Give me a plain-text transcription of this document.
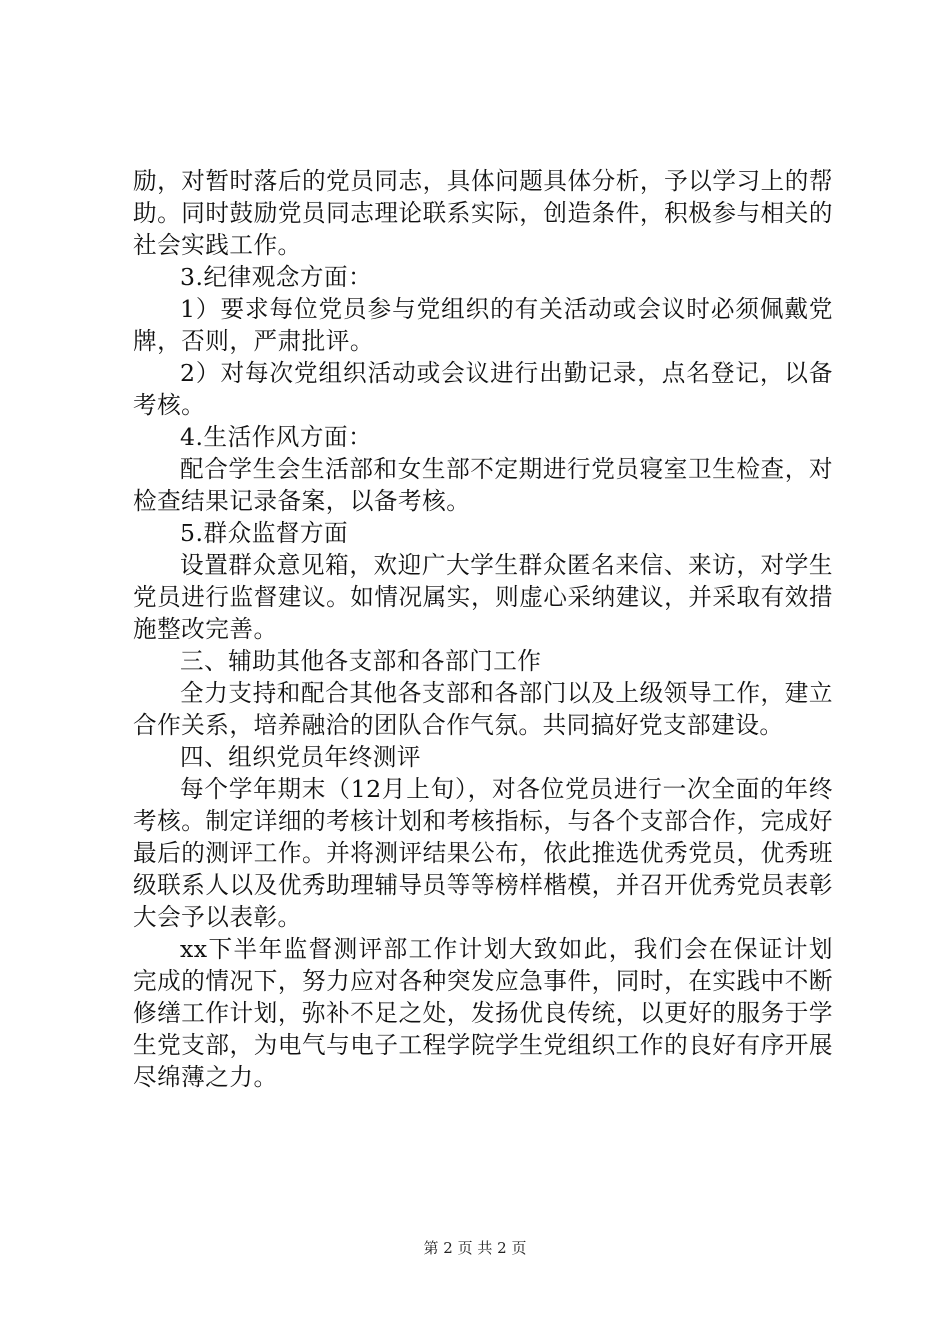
励，对暂时落后的党员同志，具体问题具体分析，予以学习上的帮助。同时鼓励党员同志理论联系实际，创造条件，积极参与相关的社会实践工作。

3.纪律观念方面：

1）要求每位党员参与党组织的有关活动或会议时必须佩戴党牌，否则，严肃批评。

2）对每次党组织活动或会议进行出勤记录，点名登记，以备考核。

4.生活作风方面：

配合学生会生活部和女生部不定期进行党员寝室卫生检查，对检查结果记录备案，以备考核。

5.群众监督方面

设置群众意见箱，欢迎广大学生群众匿名来信、来访，对学生党员进行监督建议。如情况属实，则虚心采纳建议，并采取有效措施整改完善。

三、辅助其他各支部和各部门工作

全力支持和配合其他各支部和各部门以及上级领导工作，建立合作关系，培养融洽的团队合作气氛。共同搞好党支部建设。

四、组织党员年终测评

每个学年期末（12月上旬），对各位党员进行一次全面的年终考核。制定详细的考核计划和考核指标，与各个支部合作，完成好最后的测评工作。并将测评结果公布，依此推选优秀党员，优秀班级联系人以及优秀助理辅导员等等榜样楷模，并召开优秀党员表彰大会予以表彰。

xx下半年监督测评部工作计划大致如此，我们会在保证计划完成的情况下，努力应对各种突发应急事件，同时，在实践中不断修缮工作计划，弥补不足之处，发扬优良传统，以更好的服务于学生党支部，为电气与电子工程学院学生党组织工作的良好有序开展尽绵薄之力。

第 2 页 共 2 页
